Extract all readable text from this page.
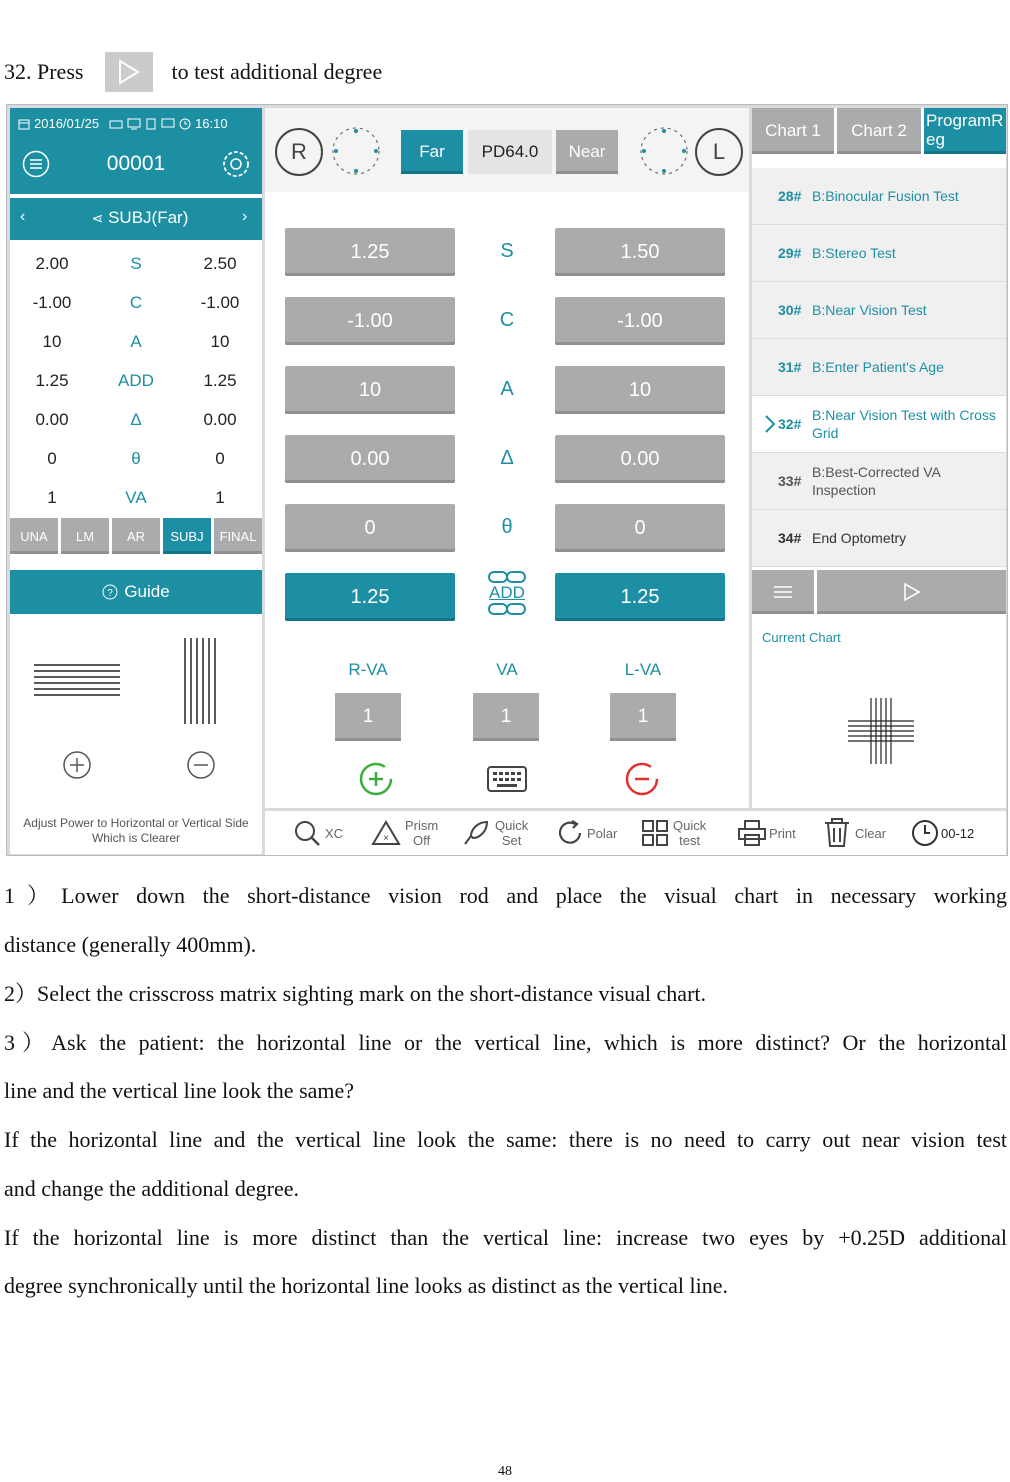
32. Press	to test additional degree
2016/01/25	16:10
00001
‹	⋖ SUBJ(Far)	›
2.00	S	2.50
-1.00	C	-1.00
10	A	10
1.25	ADD	1.25
0.00	Δ	0.00
0	θ	0
1	VA	1
UNA	LM	AR	SUBJ	FINAL
? Guide
Adjust Power to Horizontal or Vertical Side
Which is Clearer
R	Far	PD64.0	Near	L
1.25	S	1.50
-1.00	C	-1.00
10	A	10
0.00	Δ	0.00
0	θ	0
1.25	ADD	1.25
R-VA	VA	L-VA
1	1	1
Chart 1	Chart 2
ProgramReg
28# B:Binocular Fusion Test
29# B:Stereo Test
30# B:Near Vision Test
31# B:Enter Patient's Age
32#
B:Near Vision Test with Cross Grid
33#
B:Best-Corrected VA Inspection
34# End Optometry
Current Chart
XC	×
Prism
Off
Quick
Set	Polar	Quick
test	Print	Clear	00-12
1）Lower down the short-distance vision rod and place the visual chart in necessary working
distance (generally 400mm).
2）Select the crisscross matrix sighting mark on the short-distance visual chart.
3）Ask the patient: the horizontal line or the vertical line, which is more distinct? Or the horizontal
line and the vertical line look the same?
If the horizontal line and the vertical line look the same: there is no need to carry out near vision test
and change the additional degree.
If the horizontal line is more distinct than the vertical line: increase two eyes by +0.25D additional
degree synchronically until the horizontal line looks as distinct as the vertical line.
48
